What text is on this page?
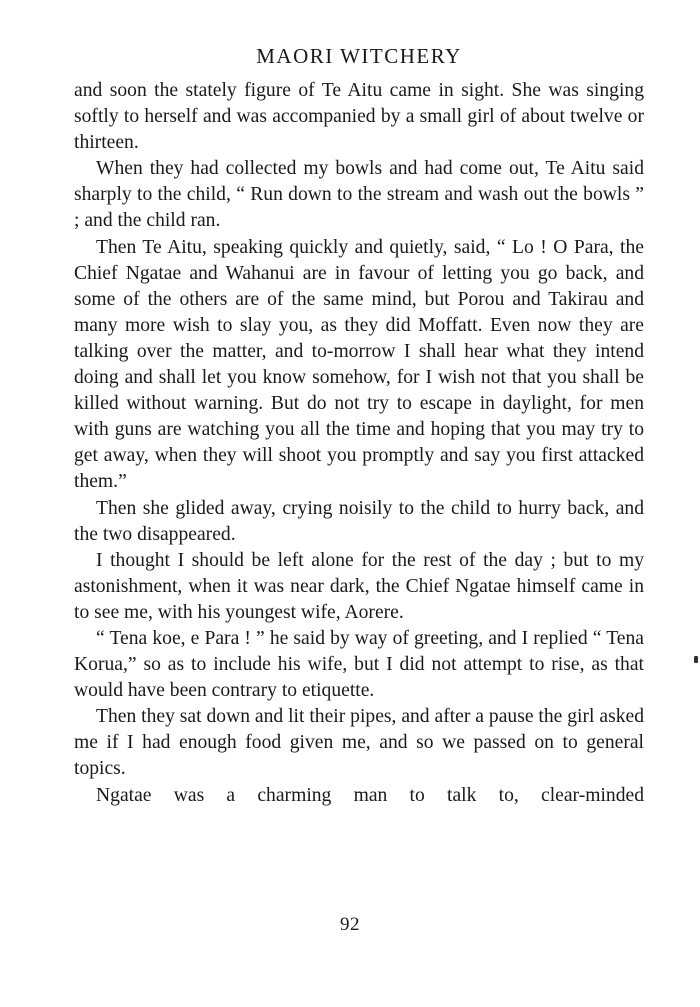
MAORI WITCHERY

and soon the stately figure of Te Aitu came in sight. She was singing softly to herself and was accompanied by a small girl of about twelve or thirteen.

When they had collected my bowls and had come out, Te Aitu said sharply to the child, “ Run down to the stream and wash out the bowls ” ; and the child ran.

Then Te Aitu, speaking quickly and quietly, said, “ Lo ! O Para, the Chief Ngatae and Wahanui are in favour of letting you go back, and some of the others are of the same mind, but Porou and Takirau and many more wish to slay you, as they did Moffatt. Even now they are talking over the matter, and to-morrow I shall hear what they intend doing and shall let you know somehow, for I wish not that you shall be killed without warning. But do not try to escape in daylight, for men with guns are watching you all the time and hoping that you may try to get away, when they will shoot you promptly and say you first attacked them.”

Then she glided away, crying noisily to the child to hurry back, and the two disappeared.

I thought I should be left alone for the rest of the day ; but to my astonishment, when it was near dark, the Chief Ngatae himself came in to see me, with his youngest wife, Aorere.

“ Tena koe, e Para ! ” he said by way of greeting, and I replied “ Tena Korua,” so as to include his wife, but I did not attempt to rise, as that would have been contrary to etiquette.

Then they sat down and lit their pipes, and after a pause the girl asked me if I had enough food given me, and so we passed on to general topics.

Ngatae was a charming man to talk to, clear-minded

92
